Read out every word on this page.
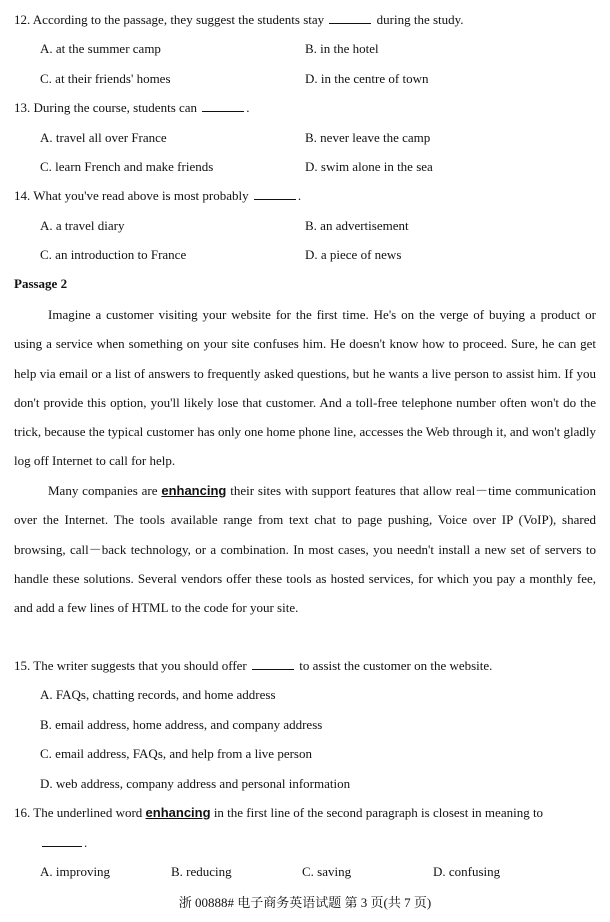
12. According to the passage, they suggest the students stay	during the study.
A. at the summer camp	B. in the hotel
C. at their friends' homes	D. in the centre of town
13. During the course, students can	.
A. travel all over France	B. never leave the camp
C. learn French and make friends	D. swim alone in the sea
14. What you've read above is most probably	.
A. a travel diary	B. an advertisement
C. an introduction to France	D. a piece of news
Passage 2
Imagine a customer visiting your website for the first time. He's on the verge of buying a product or using a service when something on your site confuses him. He doesn't know how to proceed. Sure, he can get help via email or a list of answers to frequently asked questions, but he wants a live person to assist him. If you don't provide this option, you'll likely lose that customer. And a toll-free telephone number often won't do the trick, because the typical customer has only one home phone line, accesses the Web through it, and won't gladly log off Internet to call for help.
Many companies are enhancing their sites with support features that allow real－time communication over the Internet. The tools available range from text chat to page pushing, Voice over IP (VoIP), shared browsing, call－back technology, or a combination. In most cases, you needn't install a new set of servers to handle these solutions. Several vendors offer these tools as hosted services, for which you pay a monthly fee, and add a few lines of HTML to the code for your site.
15. The writer suggests that you should offer	to assist the customer on the website.
A. FAQs, chatting records, and home address
B. email address, home address, and company address
C. email address, FAQs, and help from a live person
D. web address, company address and personal information
16. The underlined word enhancing in the first line of the second paragraph is closest in meaning to
.
A. improving	B. reducing	C. saving	D. confusing
浙 00888# 电子商务英语试题 第 3 页(共 7 页)
